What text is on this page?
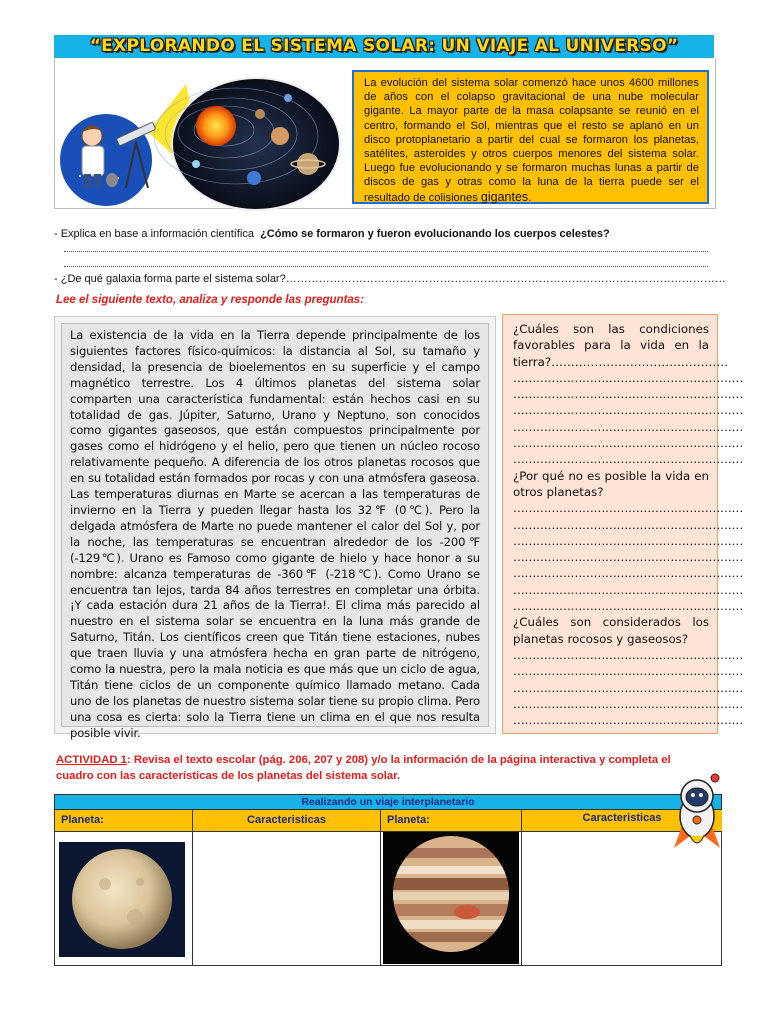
“EXPLORANDO EL SISTEMA SOLAR: UN VIAJE AL UNIVERSO”
La evolución del sistema solar comenzó hace unos 4600 millones de años con el colapso gravitacional de una nube molecular gigante. La mayor parte de la masa colapsante se reunió en el centro, formando el Sol, mientras que el resto se aplanó en un disco protoplanetario a partir del cual se formaron los planetas, satélites, asteroides y otros cuerpos menores del sistema solar. Luego fue evolucionando y se formaron muchas lunas a partir de discos de gas y otras como la luna de la tierra puede ser el resultado de colisiones gigantes.
- Explica en base a información científica ¿Cómo se formaron y fueron evolucionando los cuerpos celestes?
- ¿De qué galaxia forma parte el sistema solar?…………………………………………………………………………………………………………
Lee el siguiente texto, analiza y responde las preguntas:
La existencia de la vida en la Tierra depende principalmente de los siguientes factores físico-químicos: la distancia al Sol, su tamaño y densidad, la presencia de bioelementos en su superficie y el campo magnético terrestre. Los 4 últimos planetas del sistema solar comparten una característica fundamental: están hechos casi en su totalidad de gas. Júpiter, Saturno, Urano y Neptuno, son conocidos como gigantes gaseosos, que están compuestos principalmente por gases como el hidrógeno y el helio, pero que tienen un núcleo rocoso relativamente pequeño. A diferencia de los otros planetas rocosos que en su totalidad están formados por rocas y con una atmósfera gaseosa. Las temperaturas diurnas en Marte se acercan a las temperaturas de invierno en la Tierra y pueden llegar hasta los 32℉ (0℃). Pero la delgada atmósfera de Marte no puede mantener el calor del Sol y, por la noche, las temperaturas se encuentran alrededor de los -200℉ (-129℃). Urano es Famoso como gigante de hielo y hace honor a su nombre: alcanza temperaturas de -360℉ (-218℃). Como Urano se encuentra tan lejos, tarda 84 años terrestres en completar una órbita. ¡Y cada estación dura 21 años de la Tierra!. El clima más parecido al nuestro en el sistema solar se encuentra en la luna más grande de Saturno, Titán. Los científicos creen que Titán tiene estaciones, nubes que traen lluvia y una atmósfera hecha en gran parte de nitrógeno, como la nuestra, pero la mala noticia es que más que un ciclo de agua, Titán tiene ciclos de un componente químico llamado metano. Cada uno de los planetas de nuestro sistema solar tiene su propio clima. Pero una cosa es cierta: solo la Tierra tiene un clima en el que nos resulta posible vivir.
¿Cuáles son las condiciones favorables para la vida en la tierra?………………………………………
……………………………………………………
……………………………………………………
……………………………………………………
……………………………………………………
……………………………………………………
……………………………………………………
¿Por qué no es posible la vida en otros planetas?
……………………………………………………
……………………………………………………
……………………………………………………
……………………………………………………
……………………………………………………
……………………………………………………
……………………………………………………
¿Cuáles son considerados los planetas rocosos y gaseosos?
……………………………………………………
……………………………………………………
……………………………………………………
……………………………………………………
……………………………………………………
ACTIVIDAD 1: Revisa el texto escolar (pág. 206, 207 y 208) y/o la información de la página interactiva y completa el cuadro con las características de los planetas del sistema solar.
Realizando un viaje interplanetario
Planeta:	Caracteristicas	Planeta:	Caracteristicas
